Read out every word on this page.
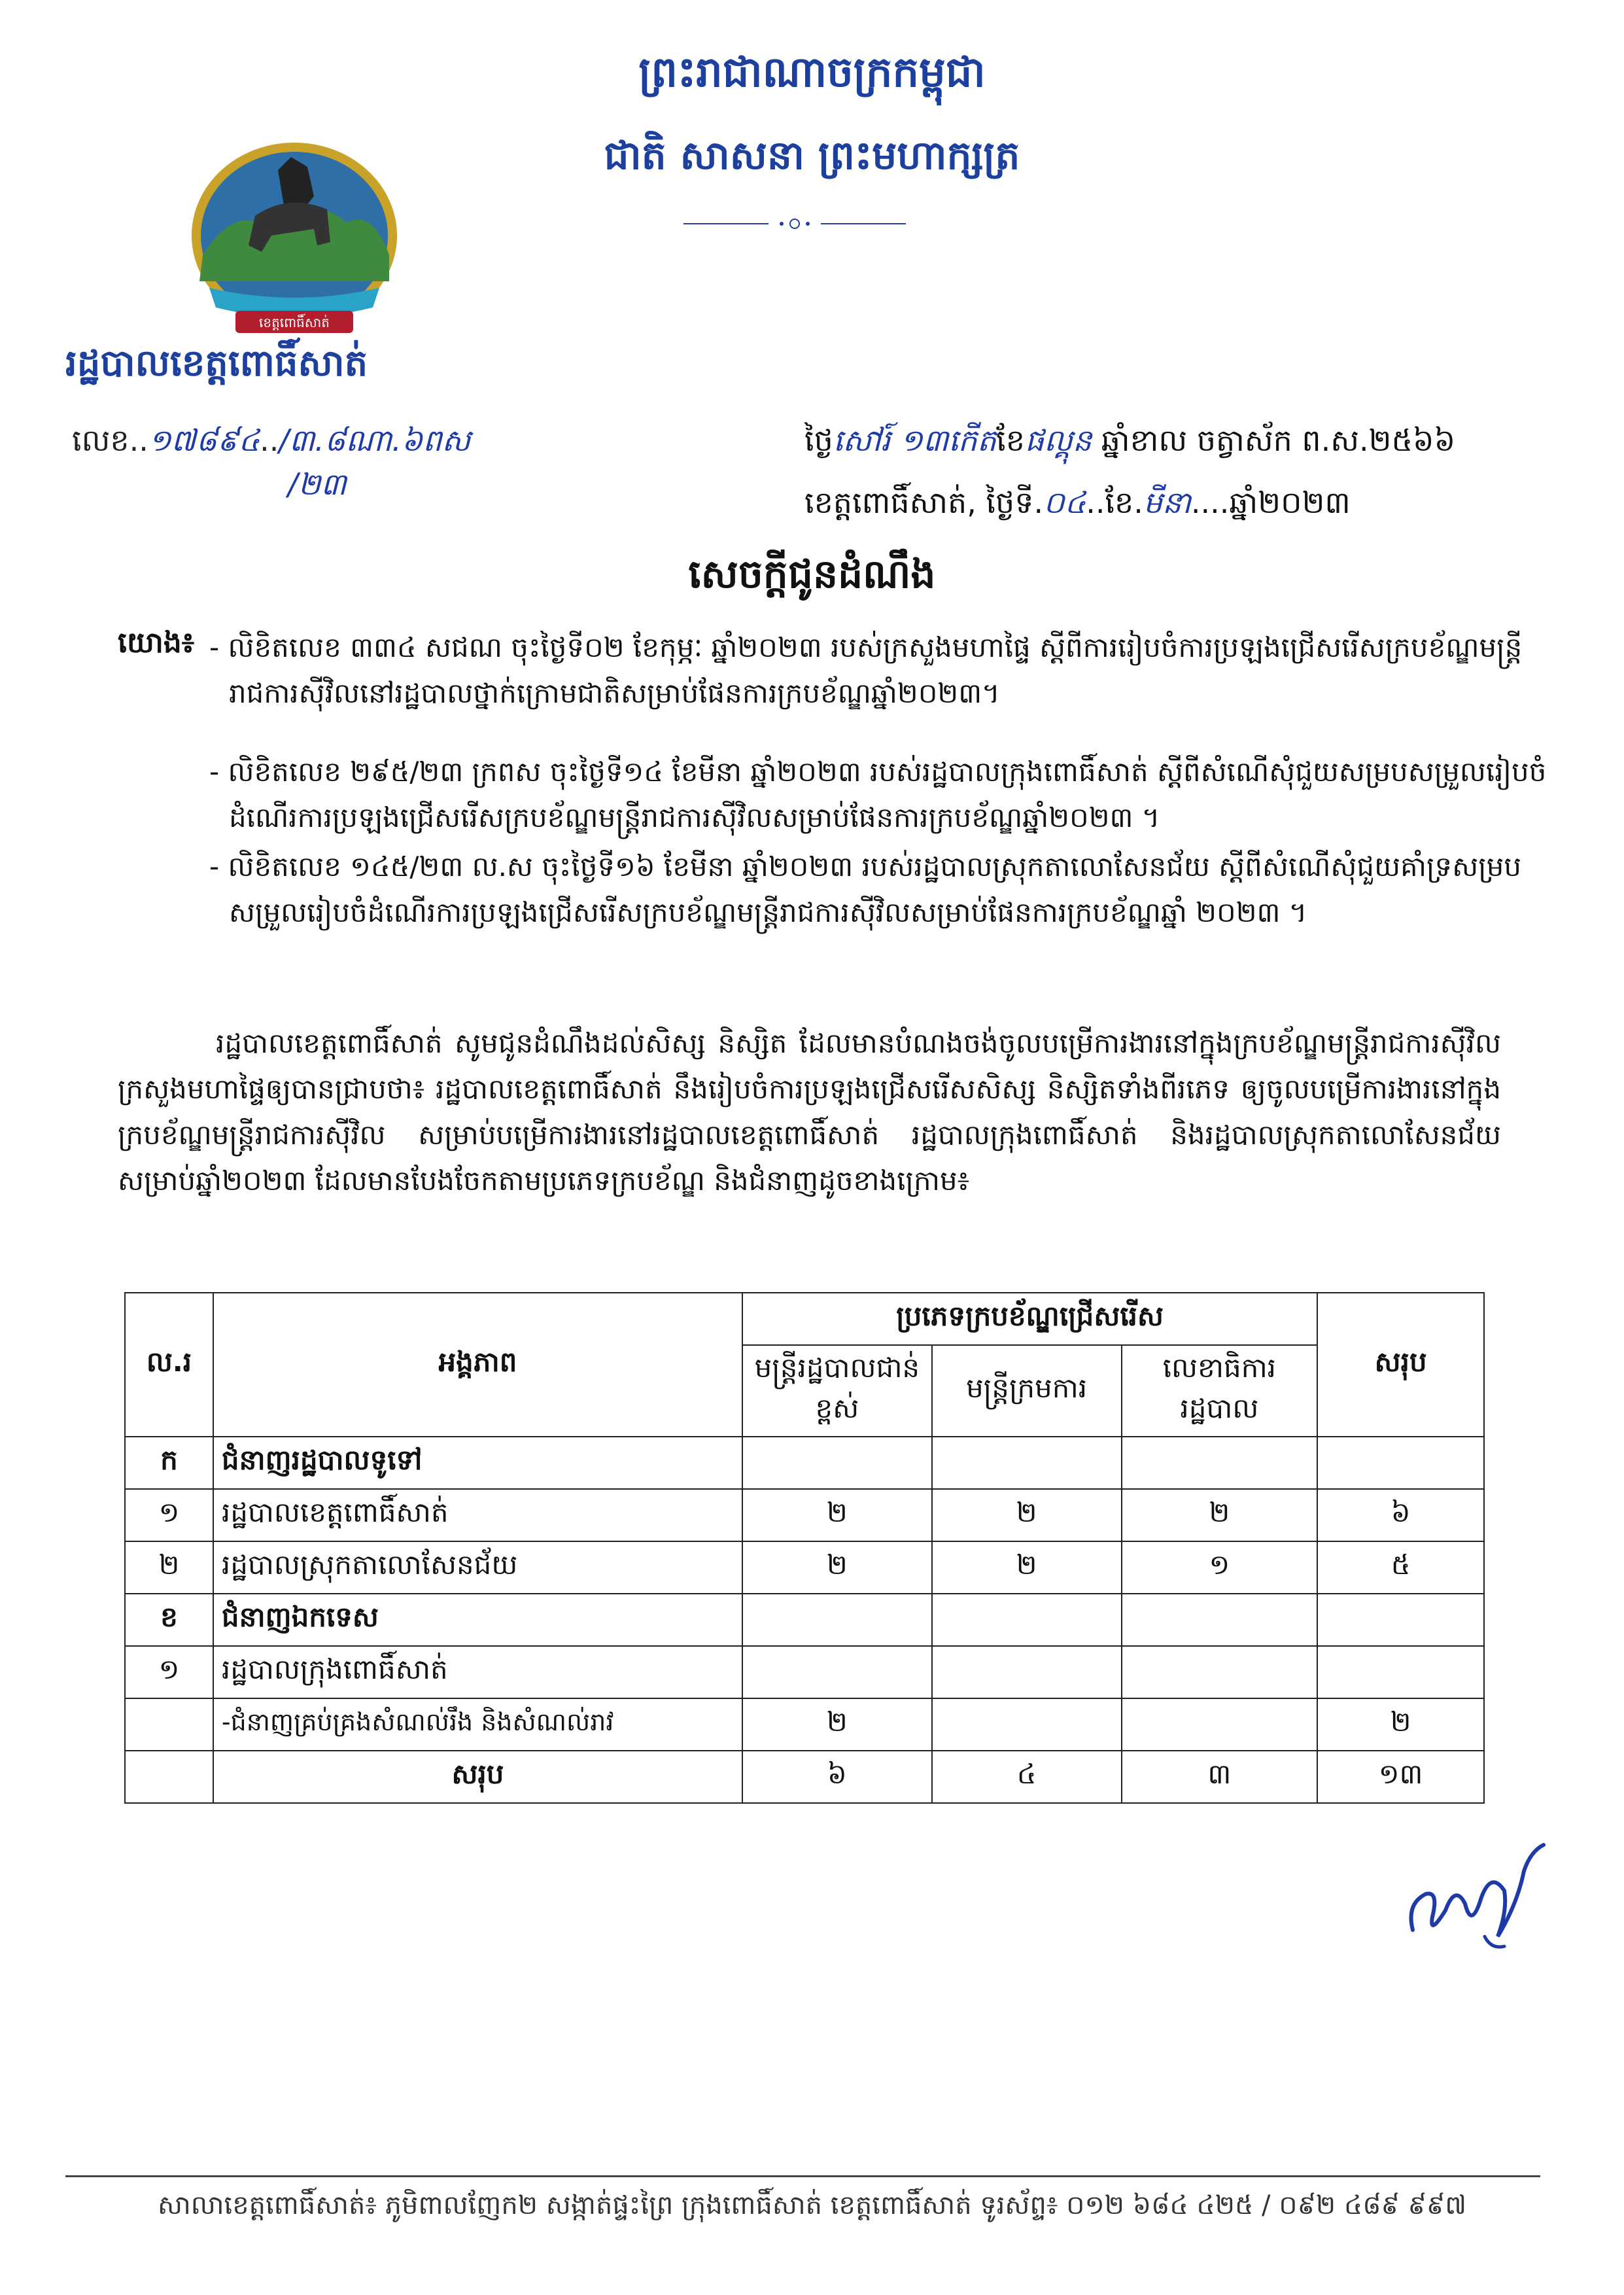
ព្រះរាជាណាចក្រកម្ពុជា
ជាតិ សាសនា ព្រះមហាក្សត្រ
ខេត្តពោធិ៍សាត់
រដ្ឋបាលខេត្តពោធិ៍សាត់
លេខ..១៧៨៩៤../៣.៨ណា.៦ពស
/២៣
ថ្ងៃសៅរ៍ ១៣កើតខែផល្គុន ឆ្នាំខាល ចត្វាស័ក ព.ស.២៥៦៦
ខេត្តពោធិ៍សាត់, ថ្ងៃទី.០៤..ខែ.មីនា....ឆ្នាំ២០២៣
សេចក្តីជូនដំណឹង
យោង៖ - លិខិតលេខ ៣៣៤ សជណ ចុះថ្ងៃទី០២ ខែកុម្ភៈ ឆ្នាំ២០២៣ របស់ក្រសួងមហាផ្ទៃ ស្តីពីការរៀបចំការប្រឡងជ្រើសរើសក្របខ័ណ្ឌមន្ត្រីរាជការស៊ីវិលនៅរដ្ឋបាលថ្នាក់ក្រោមជាតិសម្រាប់ផែនការក្របខ័ណ្ឌឆ្នាំ២០២៣។
- លិខិតលេខ ២៩៥/២៣ ក្រពស ចុះថ្ងៃទី១៤ ខែមីនា ឆ្នាំ២០២៣ របស់រដ្ឋបាលក្រុងពោធិ៍សាត់ ស្តីពីសំណើសុំជួយសម្របសម្រួលរៀបចំដំណើរការប្រឡងជ្រើសរើសក្របខ័ណ្ឌមន្ត្រីរាជការស៊ីវិលសម្រាប់ផែនការក្របខ័ណ្ឌឆ្នាំ២០២៣ ។
- លិខិតលេខ ១៤៥/២៣ ល.ស ចុះថ្ងៃទី១៦ ខែមីនា ឆ្នាំ២០២៣ របស់រដ្ឋបាលស្រុកតាលោសែនជ័យ ស្តីពីសំណើសុំជួយគាំទ្រសម្របសម្រួលរៀបចំដំណើរការប្រឡងជ្រើសរើសក្របខ័ណ្ឌមន្ត្រីរាជការស៊ីវិលសម្រាប់ផែនការក្របខ័ណ្ឌឆ្នាំ ២០២៣ ។
រដ្ឋបាលខេត្តពោធិ៍សាត់ សូមជូនដំណឹងដល់សិស្ស និស្សិត ដែលមានបំណងចង់ចូលបម្រើការងារនៅក្នុងក្របខ័ណ្ឌមន្ត្រីរាជការស៊ីវិល ក្រសួងមហាផ្ទៃឲ្យបានជ្រាបថា៖ រដ្ឋបាលខេត្តពោធិ៍សាត់ នឹងរៀបចំការប្រឡងជ្រើសរើសសិស្ស និស្សិតទាំងពីរភេទ ឲ្យចូលបម្រើការងារនៅក្នុងក្របខ័ណ្ឌមន្ត្រីរាជការស៊ីវិល សម្រាប់បម្រើការងារនៅរដ្ឋបាលខេត្តពោធិ៍សាត់ រដ្ឋបាលក្រុងពោធិ៍សាត់ និងរដ្ឋបាលស្រុកតាលោសែនជ័យ សម្រាប់ឆ្នាំ២០២៣ ដែលមានបែងចែកតាមប្រភេទក្របខ័ណ្ឌ និងជំនាញដូចខាងក្រោម៖
ល.រ	អង្គភាព	ប្រភេទក្របខ័ណ្ឌជ្រើសរើស			សរុប
		មន្ត្រីរដ្ឋបាលជាន់ខ្ពស់	មន្ត្រីក្រមការ	លេខាធិការរដ្ឋបាល	
ក	ជំនាញរដ្ឋបាលទូទៅ				
១	រដ្ឋបាលខេត្តពោធិ៍សាត់	២	២	២	៦
២	រដ្ឋបាលស្រុកតាលោសែនជ័យ	២	២	១	៥
ខ	ជំនាញឯកទេស				
១	រដ្ឋបាលក្រុងពោធិ៍សាត់				
	-ជំនាញគ្រប់គ្រងសំណល់រឹង និងសំណល់រាវ	២			២
	សរុប	៦	៤	៣	១៣
សាលាខេត្តពោធិ៍សាត់៖ ភូមិពាលញែក២ សង្កាត់ផ្ទះព្រៃ ក្រុងពោធិ៍សាត់ ខេត្តពោធិ៍សាត់ ទូរស័ព្ទ៖ ០១២ ៦៨៤ ៤២៥ / ០៩២ ៤៨៩ ៩៩៧
